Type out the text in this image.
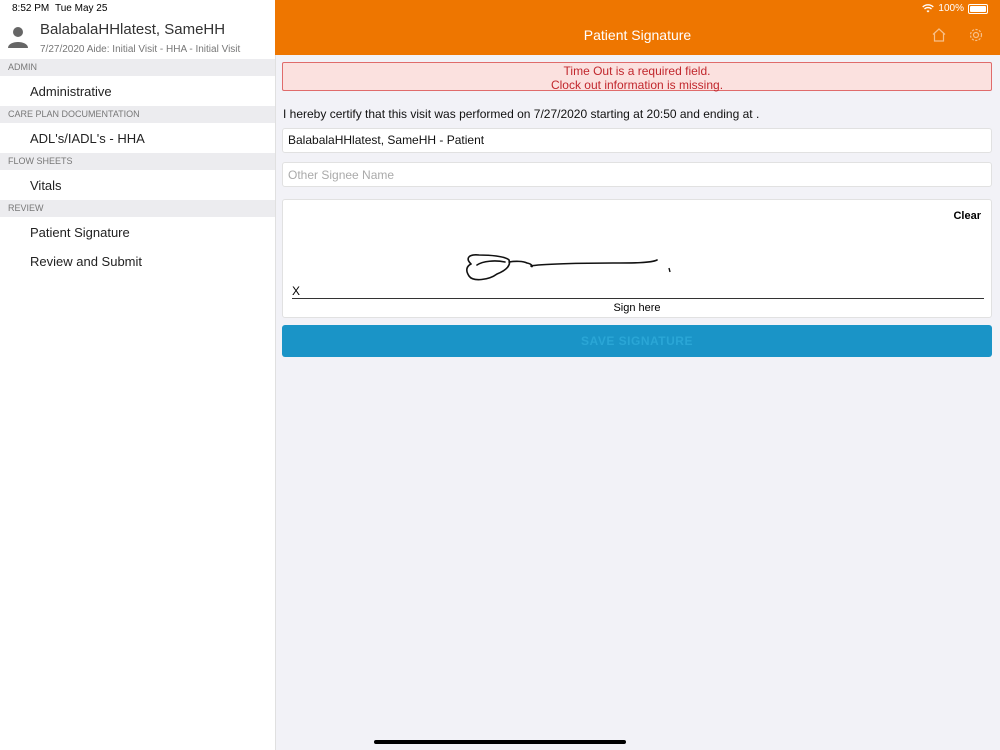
8:52 PM Tue May 25	100%
BalabalaHHlatest, SameHH
7/27/2020 Aide: Initial Visit - HHA - Initial Visit
ADMIN
Administrative
CARE PLAN DOCUMENTATION
ADL's/IADL's - HHA
FLOW SHEETS
Vitals
REVIEW
Patient Signature
Review and Submit
Patient Signature
Time Out is a required field.
Clock out information is missing.
I hereby certify that this visit was performed on 7/27/2020 starting at 20:50 and ending at .
BalabalaHHlatest, SameHH - Patient
Other Signee Name
Clear
X
Sign here
SAVE SIGNATURE
